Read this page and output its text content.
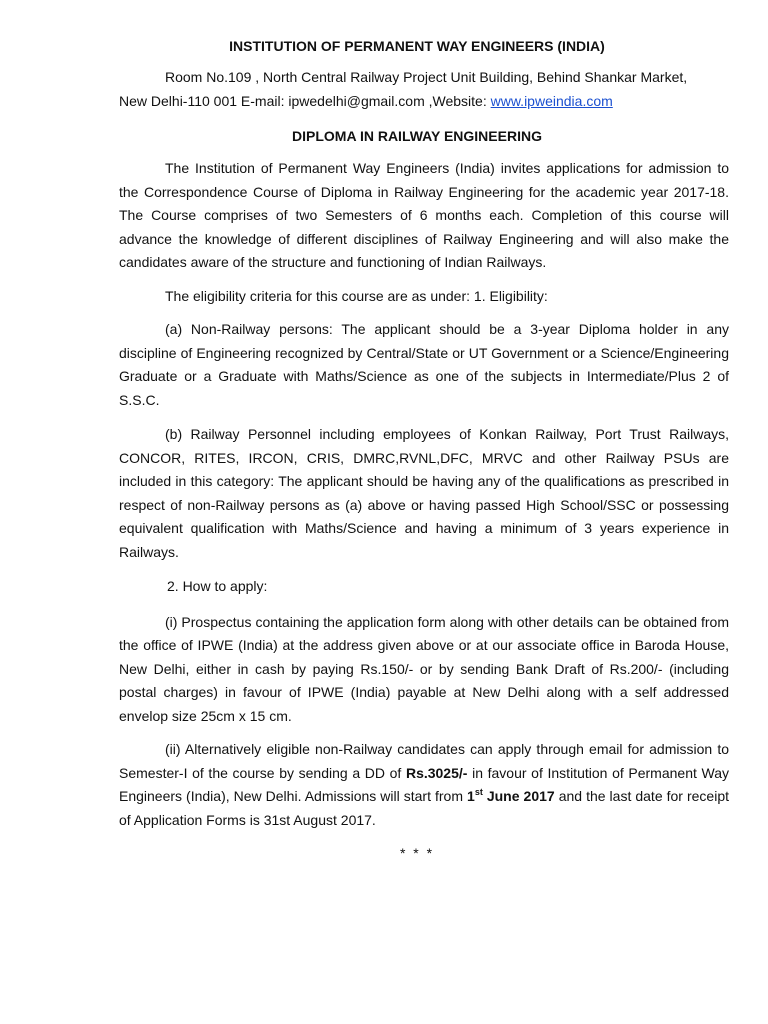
INSTITUTION OF PERMANENT WAY ENGINEERS (INDIA)
Room No.109 , North Central Railway Project Unit Building, Behind Shankar Market,
New Delhi-110 001 E-mail: ipwedelhi@gmail.com ,Website: www.ipweindia.com
DIPLOMA IN RAILWAY ENGINEERING

The Institution of Permanent Way Engineers (India) invites applications for admission to the Correspondence Course of Diploma in Railway Engineering for the academic year 2017-18. The Course comprises of two Semesters of 6 months each. Completion of this course will advance the knowledge of different disciplines of Railway Engineering and will also make the candidates aware of the structure and functioning of Indian Railways.

The eligibility criteria for this course are as under: 1. Eligibility:

(a) Non-Railway persons: The applicant should be a 3-year Diploma holder in any discipline of Engineering recognized by Central/State or UT Government or a Science/Engineering Graduate or a Graduate with Maths/Science as one of the subjects in Intermediate/Plus 2 of S.S.C.

(b) Railway Personnel including employees of Konkan Railway, Port Trust Railways, CONCOR, RITES, IRCON, CRIS, DMRC,RVNL,DFC, MRVC and other Railway PSUs are included in this category: The applicant should be having any of the qualifications as prescribed in respect of non-Railway persons as (a) above or having passed High School/SSC or possessing equivalent qualification with Maths/Science and having a minimum of 3 years experience in Railways.

2. How to apply:

(i) Prospectus containing the application form along with other details can be obtained from the office of IPWE (India) at the address given above or at our associate office in Baroda House, New Delhi, either in cash by paying Rs.150/- or by sending Bank Draft of Rs.200/- (including postal charges) in favour of IPWE (India) payable at New Delhi along with a self addressed envelop size 25cm x 15 cm.

(ii) Alternatively eligible non-Railway candidates can apply through email for admission to Semester-I of the course by sending a DD of Rs.3025/- in favour of Institution of Permanent Way Engineers (India), New Delhi. Admissions will start from 1st June 2017 and the last date for receipt of Application Forms is 31st August 2017.

* * *
